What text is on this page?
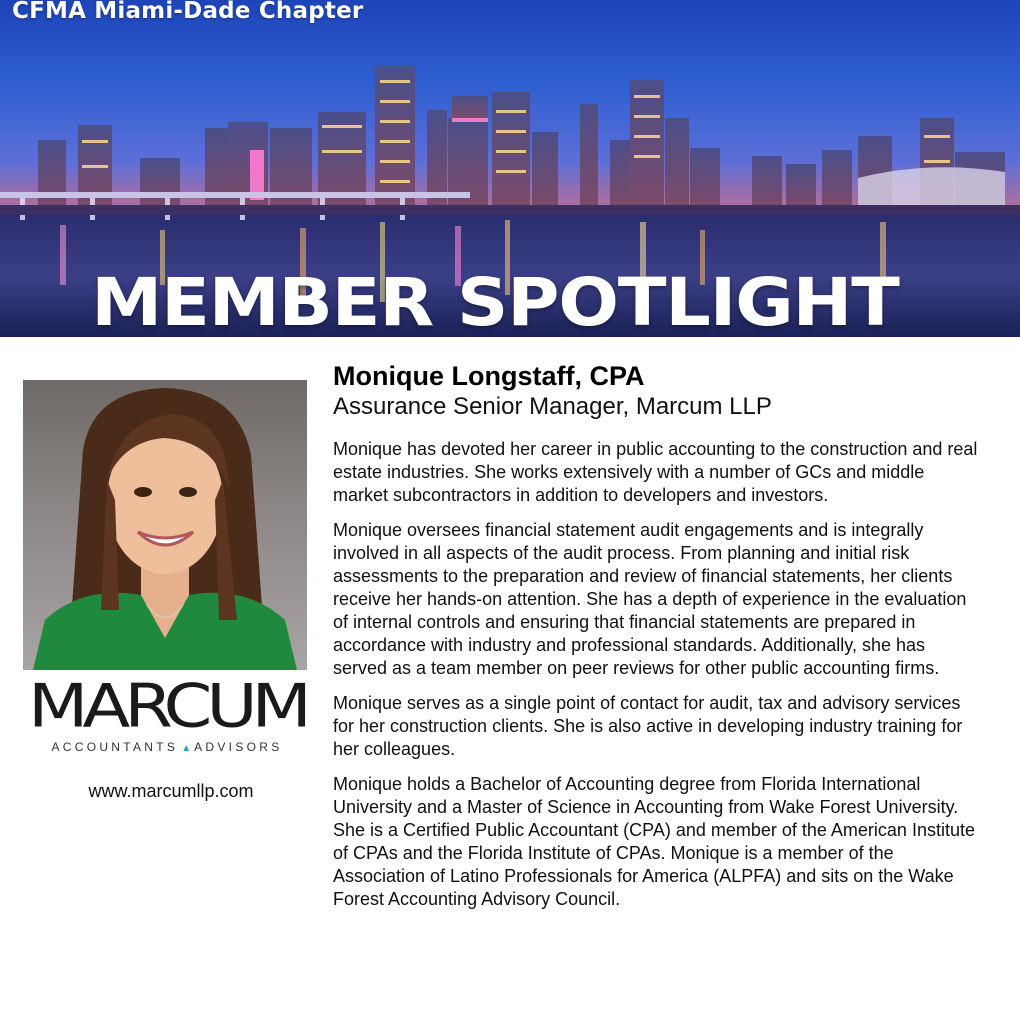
CFMA Miami-Dade Chapter
MEMBER SPOTLIGHT
MARCUM
ACCOUNTANTS ▲ ADVISORS
www.marcumllp.com

Monique Longstaff, CPA

Assurance Senior Manager, Marcum LLP

Monique has devoted her career in public accounting to the construction and real estate industries. She works extensively with a number of GCs and middle market subcontractors in addition to developers and investors.

Monique oversees financial statement audit engagements and is integrally involved in all aspects of the audit process. From planning and initial risk assessments to the preparation and review of financial statements, her clients receive her hands-on attention. She has a depth of experience in the evaluation of internal controls and ensuring that financial statements are prepared in accordance with industry and professional standards. Additionally, she has served as a team member on peer reviews for other public accounting firms.

Monique serves as a single point of contact for audit, tax and advisory services for her construction clients. She is also active in developing industry training for her colleagues.

Monique holds a Bachelor of Accounting degree from Florida International University and a Master of Science in Accounting from Wake Forest University. She is a Certified Public Accountant (CPA) and member of the American Institute of CPAs and the Florida Institute of CPAs. Monique is a member of the Association of Latino Professionals for America (ALPFA) and sits on the Wake Forest Accounting Advisory Council.
